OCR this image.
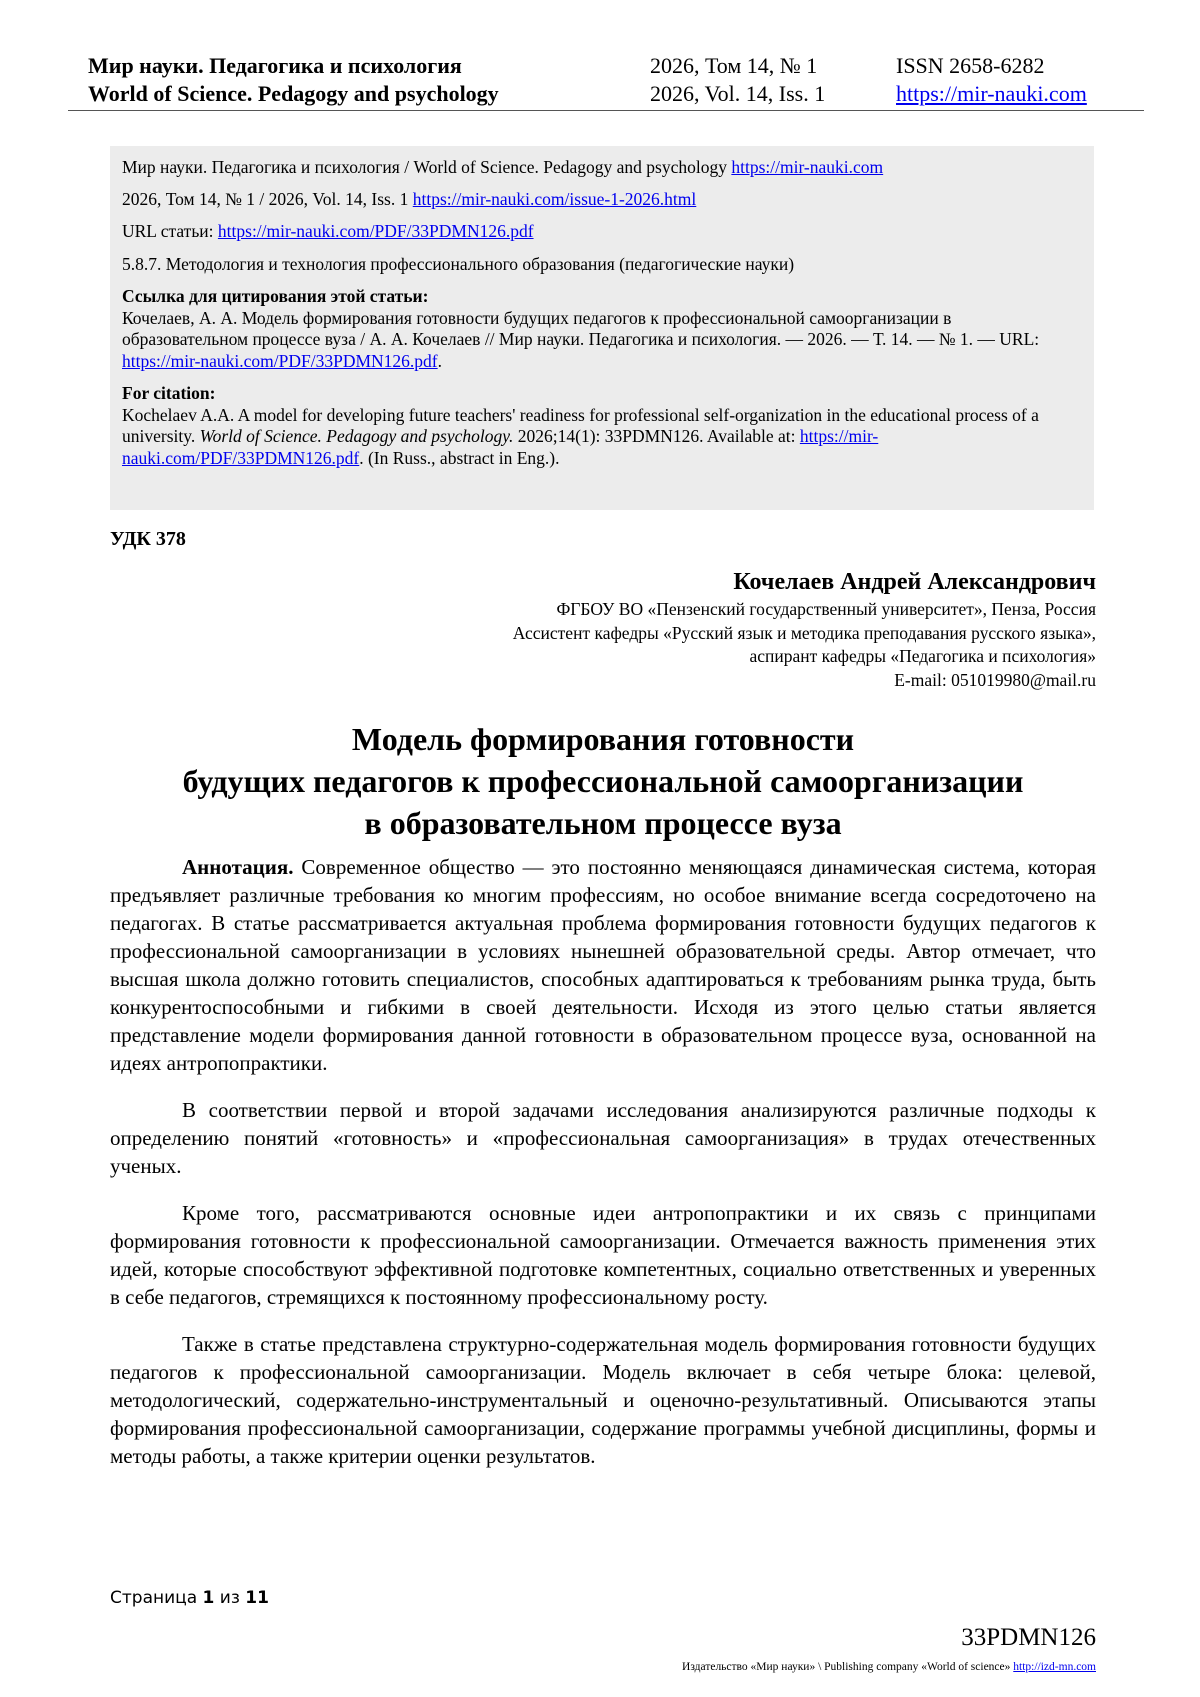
Мир науки. Педагогика и психология
World of Science. Pedagogy and psychology
2026, Том 14, № 1
2026, Vol. 14, Iss. 1
ISSN 2658-6282
https://mir-nauki.com

Мир науки. Педагогика и психология / World of Science. Pedagogy and psychology https://mir-nauki.com

2026, Том 14, № 1 / 2026, Vol. 14, Iss. 1 https://mir-nauki.com/issue-1-2026.html

URL статьи: https://mir-nauki.com/PDF/33PDMN126.pdf

5.8.7. Методология и технология профессионального образования (педагогические науки)

Ссылка для цитирования этой статьи:
Кочелаев, А. А. Модель формирования готовности будущих педагогов к профессиональной самоорганизации в образовательном процессе вуза / А. А. Кочелаев // Мир науки. Педагогика и психология. — 2026. — Т. 14. — № 1. — URL: https://mir-nauki.com/PDF/33PDMN126.pdf.
For citation:
Kochelaev A.A. A model for developing future teachers' readiness for professional self-organization in the educational process of a university. World of Science. Pedagogy and psychology. 2026;14(1): 33PDMN126. Available at: https://mir-nauki.com/PDF/33PDMN126.pdf. (In Russ., abstract in Eng.).
УДК 378
Кочелаев Андрей Александрович
ФГБОУ ВО «Пензенский государственный университет», Пенза, Россия
Ассистент кафедры «Русский язык и методика преподавания русского языка»,
аспирант кафедры «Педагогика и психология»
E-mail: 051019980@mail.ru
Модель формирования готовности
будущих педагогов к профессиональной самоорганизации
в образовательном процессе вуза

Аннотация. Современное общество — это постоянно меняющаяся динамическая система, которая предъявляет различные требования ко многим профессиям, но особое внимание всегда сосредоточено на педагогах. В статье рассматривается актуальная проблема формирования готовности будущих педагогов к профессиональной самоорганизации в условиях нынешней образовательной среды. Автор отмечает, что высшая школа должно готовить специалистов, способных адаптироваться к требованиям рынка труда, быть конкурентоспособными и гибкими в своей деятельности. Исходя из этого целью статьи является представление модели формирования данной готовности в образовательном процессе вуза, основанной на идеях антропопрактики.

В соответствии первой и второй задачами исследования анализируются различные подходы к определению понятий «готовность» и «профессиональная самоорганизация» в трудах отечественных ученых.

Кроме того, рассматриваются основные идеи антропопрактики и их связь с принципами формирования готовности к профессиональной самоорганизации. Отмечается важность применения этих идей, которые способствуют эффективной подготовке компетентных, социально ответственных и уверенных в себе педагогов, стремящихся к постоянному профессиональному росту.

Также в статье представлена структурно-содержательная модель формирования готовности будущих педагогов к профессиональной самоорганизации. Модель включает в себя четыре блока: целевой, методологический, содержательно-инструментальный и оценочно-результативный. Описываются этапы формирования профессиональной самоорганизации, содержание программы учебной дисциплины, формы и методы работы, а также критерии оценки результатов.

Страница 1 из 11
33PDMN126
Издательство «Мир науки» \ Publishing company «World of science» http://izd-mn.com
